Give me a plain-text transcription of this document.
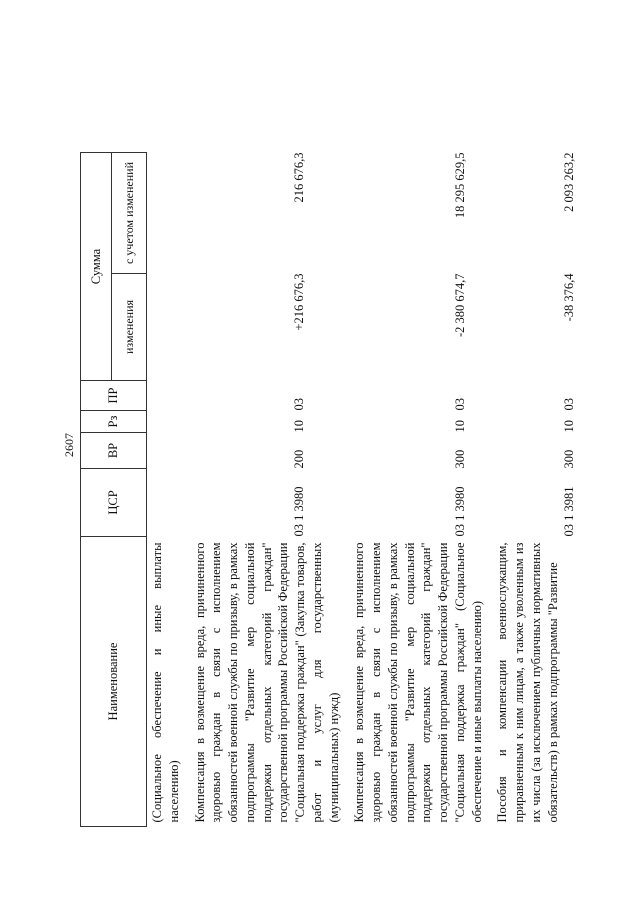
2607
Наименование	ЦСР	ВР	Рз	ПР	Сумма	
					изменения	с учетом изменений

(Социальное обеспечение и иные выплаты населению)						

Компенсация в возмещение вреда, причиненного здоровью граждан в связи с исполнением обязанностей военной службы по призыву, в рамках подпрограммы "Развитие мер социальной поддержки отдельных категорий граждан" государственной программы Российской Федерации "Социальная поддержка граждан" (Закупка товаров, работ и услуг для государственных (муниципальных) нужд)	03 1 3980	200	10	03	+216 676,3	216 676,3

Компенсация в возмещение вреда, причиненного здоровью граждан в связи с исполнением обязанностей военной службы по призыву, в рамках подпрограммы "Развитие мер социальной поддержки отдельных категорий граждан" государственной программы Российской Федерации "Социальная поддержка граждан" (Социальное обеспечение и иные выплаты населению)	03 1 3980	300	10	03	-2 380 674,7	18 295 629,5

Пособия и компенсации военнослужащим, приравненным к ним лицам, а также уволенным из их числа (за исключением публичных нормативных обязательств) в рамках подпрограммы "Развитие	03 1 3981	300	10	03	-38 376,4	2 093 263,2
